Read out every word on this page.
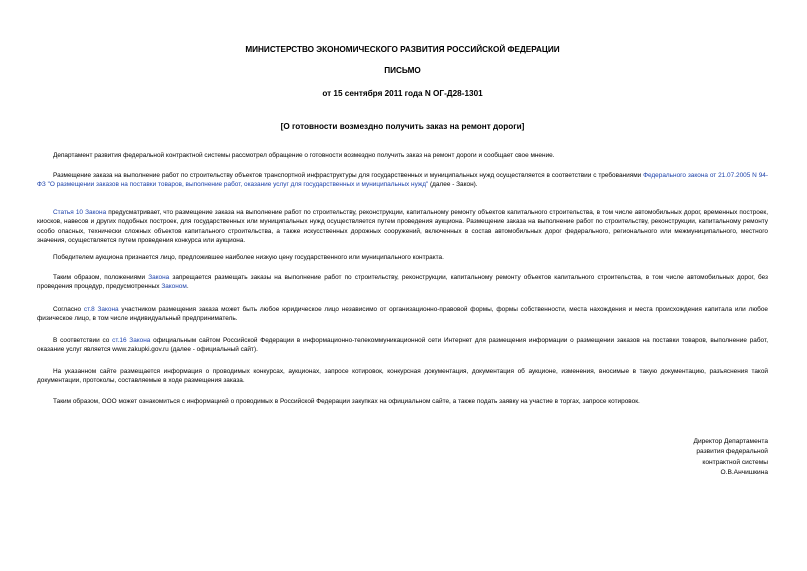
МИНИСТЕРСТВО ЭКОНОМИЧЕСКОГО РАЗВИТИЯ РОССИЙСКОЙ ФЕДЕРАЦИИ
ПИСЬМО
от 15 сентября 2011 года N ОГ-Д28-1301
[О готовности возмездно получить заказ на ремонт дороги]

Департамент развития федеральной контрактной системы рассмотрел обращение о готовности возмездно получить заказ на ремонт дороги и сообщает свое мнение.

Размещение заказа на выполнение работ по строительству объектов транспортной инфраструктуры для государственных и муниципальных нужд осуществляется в соответствии с требованиями Федерального закона от 21.07.2005 N 94-ФЗ "О размещении заказов на поставки товаров, выполнение работ, оказание услуг для государственных и муниципальных нужд" (далее - Закон).

Статья 10 Закона предусматривает, что размещение заказа на выполнение работ по строительству, реконструкции, капитальному ремонту объектов капитального строительства, в том числе автомобильных дорог, временных построек, киосков, навесов и других подобных построек, для государственных или муниципальных нужд осуществляется путем проведения аукциона. Размещение заказа на выполнение работ по строительству, реконструкции, капитальному ремонту особо опасных, технически сложных объектов капитального строительства, а также искусственных дорожных сооружений, включенных в состав автомобильных дорог федерального, регионального или межмуниципального, местного значения, осуществляется путем проведения конкурса или аукциона.

Победителем аукциона признается лицо, предложившее наиболее низкую цену государственного или муниципального контракта.

Таким образом, положениями Закона запрещается размещать заказы на выполнение работ по строительству, реконструкции, капитальному ремонту объектов капитального строительства, в том числе автомобильных дорог, без проведения процедур, предусмотренных Законом.

Согласно ст.8 Закона участником размещения заказа может быть любое юридическое лицо независимо от организационно-правовой формы, формы собственности, места нахождения и места происхождения капитала или любое физическое лицо, в том числе индивидуальный предприниматель.

В соответствии со ст.16 Закона официальным сайтом Российской Федерации в информационно-телекоммуникационной сети Интернет для размещения информации о размещении заказов на поставки товаров, выполнение работ, оказание услуг является www.zakupki.gov.ru (далее - официальный сайт).

На указанном сайте размещается информация о проводимых конкурсах, аукционах, запросе котировок, конкурсная документация, документация об аукционе, изменения, вносимые в такую документацию, разъяснения такой документации, протоколы, составляемые в ходе размещения заказа.

Таким образом, ООО может ознакомиться с информацией о проводимых в Российской Федерации закупках на официальном сайте, а также подать заявку на участие в торгах, запросе котировок.

Директор Департамента
развития федеральной
контрактной системы
О.В.Анчишкина
